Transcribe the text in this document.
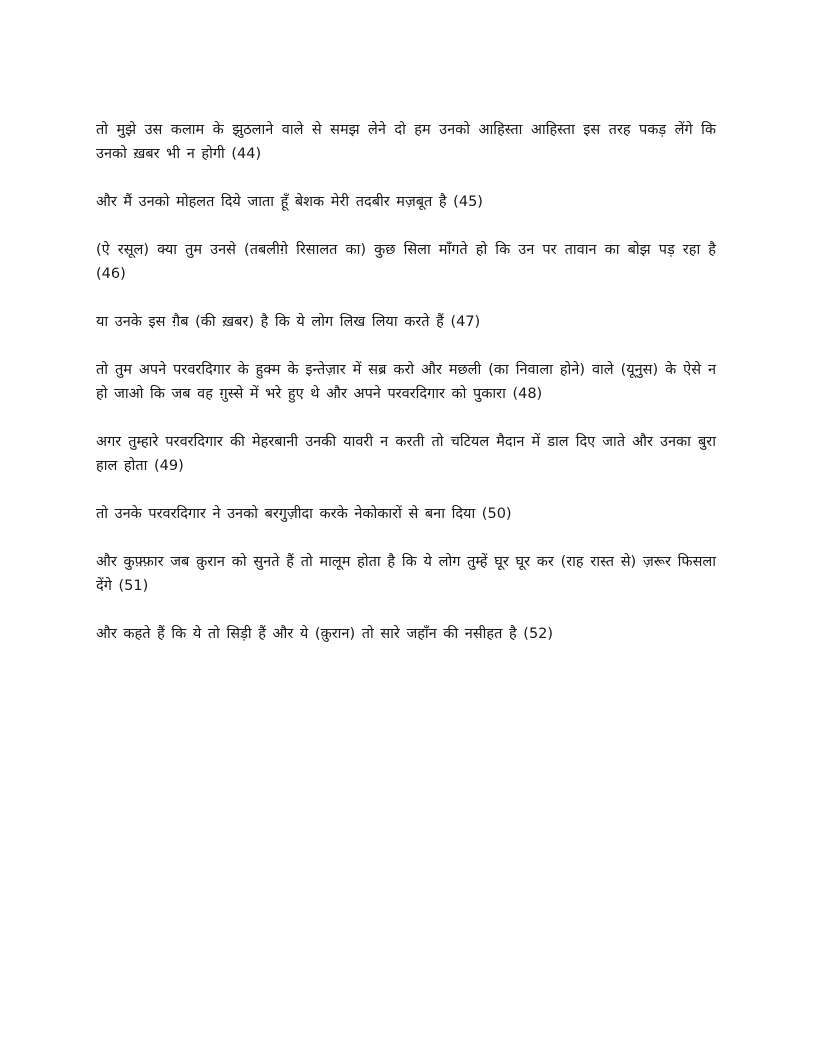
तो मुझे उस कलाम के झुठलाने वाले से समझ लेने दो हम उनको आहिस्ता आहिस्ता इस तरह पकड़ लेंगे कि उनको ख़बर भी न होगी (44)

और मैं उनको मोहलत दिये जाता हूँ बेशक मेरी तदबीर मज़बूत है (45)

(ऐ रसूल) क्या तुम उनसे (तबलीग़े रिसालत का) कुछ सिला माँगते हो कि उन पर तावान का बोझ पड़ रहा है (46)

या उनके इस ग़ैब (की ख़बर) है कि ये लोग लिख लिया करते हैं (47)

तो तुम अपने परवरदिगार के हुक्म के इन्तेज़ार में सब्र करो और मछली (का निवाला होने) वाले (यूनुस) के ऐसे न हो जाओ कि जब वह ग़ुस्से में भरे हुए थे और अपने परवरदिगार को पुकारा (48)

अगर तुम्हारे परवरदिगार की मेहरबानी उनकी यावरी न करती तो चटियल मैदान में डाल दिए जाते और उनका बुरा हाल होता (49)

तो उनके परवरदिगार ने उनको बरगुज़ीदा करके नेकोकारों से बना दिया (50)

और कुफ़्फ़ार जब क़ुरान को सुनते हैं तो मालूम होता है कि ये लोग तुम्हें घूर घूर कर (राह रास्त से) ज़रूर फिसला देंगे (51)

और कहते हैं कि ये तो सिड़ी हैं और ये (क़ुरान) तो सारे जहाँन की नसीहत है (52)
